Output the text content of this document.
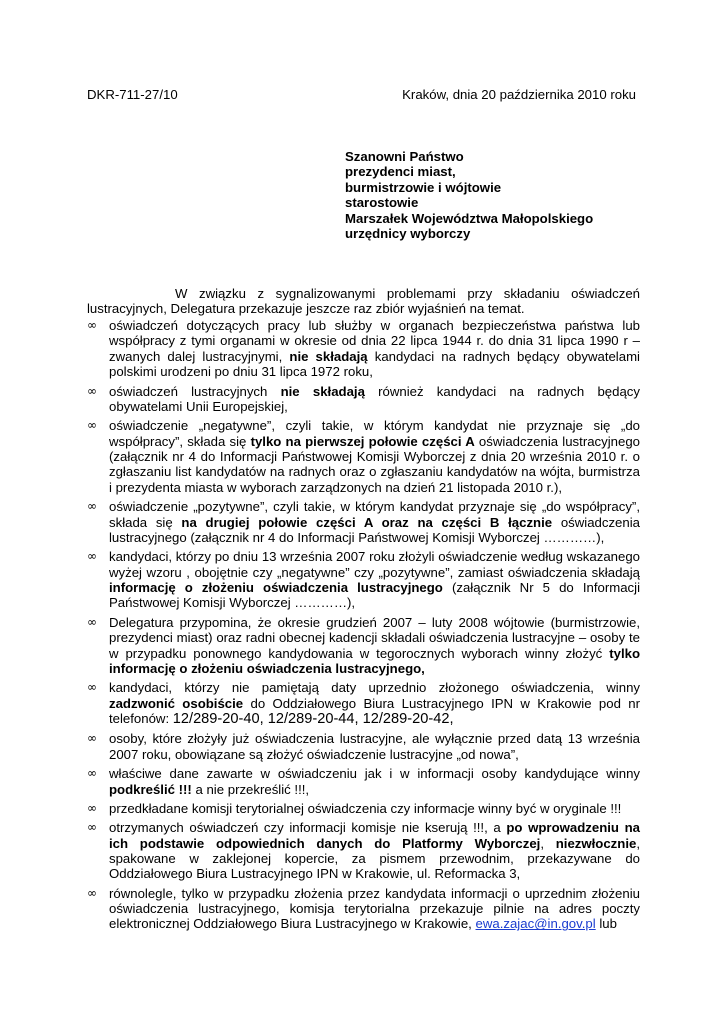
DKR-711-27/10	Kraków, dnia 20 października 2010 roku
Szanowni Państwo
prezydenci miast,
burmistrzowie i wójtowie
starostowie
Marszałek Województwa Małopolskiego
urzędnicy wyborczy
W związku z sygnalizowanymi problemami przy składaniu oświadczeń lustracyjnych, Delegatura przekazuje jeszcze raz zbiór wyjaśnień na temat.
∞ oświadczeń dotyczących pracy lub służby w organach bezpieczeństwa państwa lub współpracy z tymi organami w okresie od dnia 22 lipca 1944 r. do dnia 31 lipca 1990 r – zwanych dalej lustracyjnymi, nie składają kandydaci na radnych będący obywatelami polskimi urodzeni po dniu 31 lipca 1972 roku,
∞ oświadczeń lustracyjnych nie składają również kandydaci na radnych będący obywatelami Unii Europejskiej,
∞ oświadczenie „negatywne”, czyli takie, w którym kandydat nie przyznaje się „do współpracy”, składa się tylko na pierwszej połowie części A oświadczenia lustracyjnego (załącznik nr 4 do Informacji Państwowej Komisji Wyborczej z dnia 20 września 2010 r. o zgłaszaniu list kandydatów na radnych oraz o zgłaszaniu kandydatów na wójta, burmistrza i prezydenta miasta w wyborach zarządzonych na dzień 21 listopada 2010 r.),
∞ oświadczenie „pozytywne”, czyli takie, w którym kandydat przyznaje się „do współpracy”, składa się na drugiej połowie części A oraz na części B łącznie oświadczenia lustracyjnego (załącznik nr 4 do Informacji Państwowej Komisji Wyborczej …………),
∞ kandydaci, którzy po dniu 13 września 2007 roku złożyli oświadczenie według wskazanego wyżej wzoru , obojętnie czy „negatywne” czy „pozytywne”, zamiast oświadczenia składają informację o złożeniu oświadczenia lustracyjnego (załącznik Nr 5 do Informacji Państwowej Komisji Wyborczej …………),
∞ Delegatura przypomina, że okresie grudzień 2007 – luty 2008 wójtowie (burmistrzowie, prezydenci miast) oraz radni obecnej kadencji składali oświadczenia lustracyjne – osoby te w przypadku ponownego kandydowania w tegorocznych wyborach winny złożyć tylko informację o złożeniu oświadczenia lustracyjnego,
∞ kandydaci, którzy nie pamiętają daty uprzednio złożonego oświadczenia, winny zadzwonić osobiście do Oddziałowego Biura Lustracyjnego IPN w Krakowie pod nr telefonów: 12/289-20-40, 12/289-20-44, 12/289-20-42,
∞ osoby, które złożyły już oświadczenia lustracyjne, ale wyłącznie przed datą 13 września 2007 roku, obowiązane są złożyć oświadczenie lustracyjne „od nowa”,
∞ właściwe dane zawarte w oświadczeniu jak i w informacji osoby kandydujące winny podkreślić !!! a nie przekreślić !!!,
∞ przedkładane komisji terytorialnej oświadczenia czy informacje winny być w oryginale !!!
∞ otrzymanych oświadczeń czy informacji komisje nie kserują !!!, a po wprowadzeniu na ich podstawie odpowiednich danych do Platformy Wyborczej, niezwłocznie, spakowane w zaklejonej kopercie, za pismem przewodnim, przekazywane do Oddziałowego Biura Lustracyjnego IPN w Krakowie, ul. Reformacka 3,
∞ równolegle, tylko w przypadku złożenia przez kandydata informacji o uprzednim złożeniu oświadczenia lustracyjnego, komisja terytorialna przekazuje pilnie na adres poczty elektronicznej Oddziałowego Biura Lustracyjnego w Krakowie, ewa.zajac@in.gov.pl lub
